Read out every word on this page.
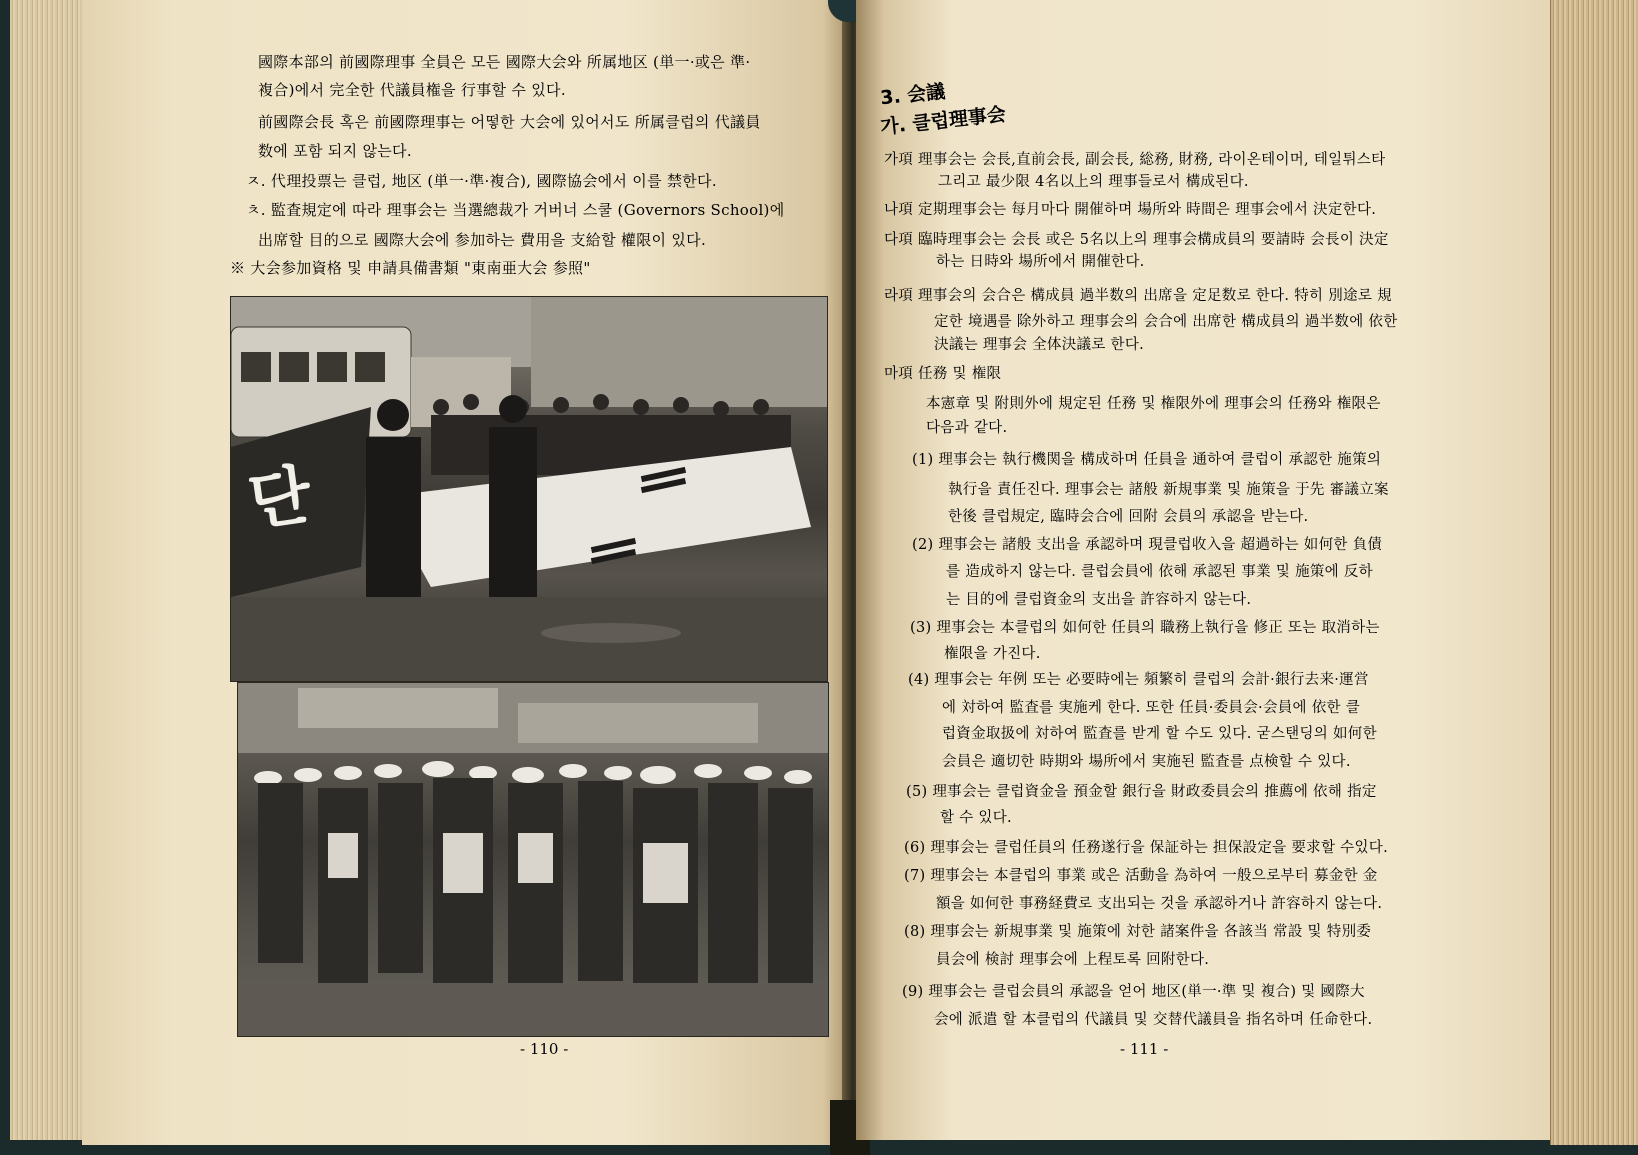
國際本部의 前國際理事 全員은 모든 國際大会와 所属地区 (単一·或은 準·
複合)에서 完全한 代議員権을 行事할 수 있다.
前國際会長 혹은 前國際理事는 어떻한 大会에 있어서도 所属클럽의 代議員
数에 포함 되지 않는다.
ㅈ. 代理投票는 클럽, 地区 (単一·準·複合), 國際協会에서 이를 禁한다.
ㅊ. 監査規定에 따라 理事会는 当選總裁가 거버너 스쿨 (Governors School)에
出席할 目的으로 國際大会에 参加하는 費用을 支給할 權限이 있다.
※ 大会参加資格 및 申請具備書類 "東南亜大会 参照"
단
- 110 -
3. 会議
가. 클럽理事会
가項 理事会는 会長,直前会長, 副会長, 総務, 財務, 라이온테이머, 테일튀스타
그리고 最少限 4名以上의 理事들로서 構成된다.
나項 定期理事会는 每月마다 開催하며 場所와 時間은 理事会에서 決定한다.
다項 臨時理事会는 会長 或은 5名以上의 理事会構成員의 要請時 会長이 決定
하는 日時와 場所에서 開催한다.
라項 理事会의 会合은 構成員 過半数의 出席을 定足数로 한다. 特히 別途로 規
定한 境遇를 除外하고 理事会의 会合에 出席한 構成員의 過半数에 依한
決議는 理事会 全体決議로 한다.
마項 任務 및 権限
本憲章 및 附則外에 規定된 任務 및 権限外에 理事会의 任務와 権限은
다음과 같다.
(1) 理事会는 執行機関을 構成하며 任員을 通하여 클럽이 承認한 施策의
執行을 責任진다. 理事会는 諸般 新規事業 및 施策을 于先 審議立案
한後 클럽規定, 臨時会合에 回附 会員의 承認을 받는다.
(2) 理事会는 諸般 支出을 承認하며 現클럽收入을 超過하는 如何한 負債
를 造成하지 않는다. 클럽会員에 依해 承認된 事業 및 施策에 反하
는 目的에 클럽資金의 支出을 許容하지 않는다.
(3) 理事会는 本클럽의 如何한 任員의 職務上執行을 修正 또는 取消하는
権限을 가진다.
(4) 理事会는 年例 또는 必要時에는 頻繁히 클럽의 会計·銀行去来·運営
에 対하여 監査를 実施케 한다. 또한 任員·委員会·会員에 依한 클
럽資金取扱에 対하여 監査를 받게 할 수도 있다. 굳스탠딩의 如何한
会員은 適切한 時期와 場所에서 実施된 監査를 点検할 수 있다.
(5) 理事会는 클럽資金을 預金할 銀行을 財政委員会의 推薦에 依해 指定
할 수 있다.
(6) 理事会는 클럽任員의 任務遂行을 保証하는 担保設定을 要求할 수있다.
(7) 理事会는 本클럽의 事業 或은 活動을 為하여 一般으로부터 募金한 金
額을 如何한 事務経費로 支出되는 것을 承認하거나 許容하지 않는다.
(8) 理事会는 新規事業 및 施策에 対한 諸案件을 各該当 常設 및 特別委
員会에 検討 理事会에 上程토록 回附한다.
(9) 理事会는 클럽会員의 承認을 얻어 地区(単一·準 및 複合) 및 國際大
会에 派遣 할 本클럽의 代議員 및 交替代議員을 指名하며 任命한다.
- 111 -
